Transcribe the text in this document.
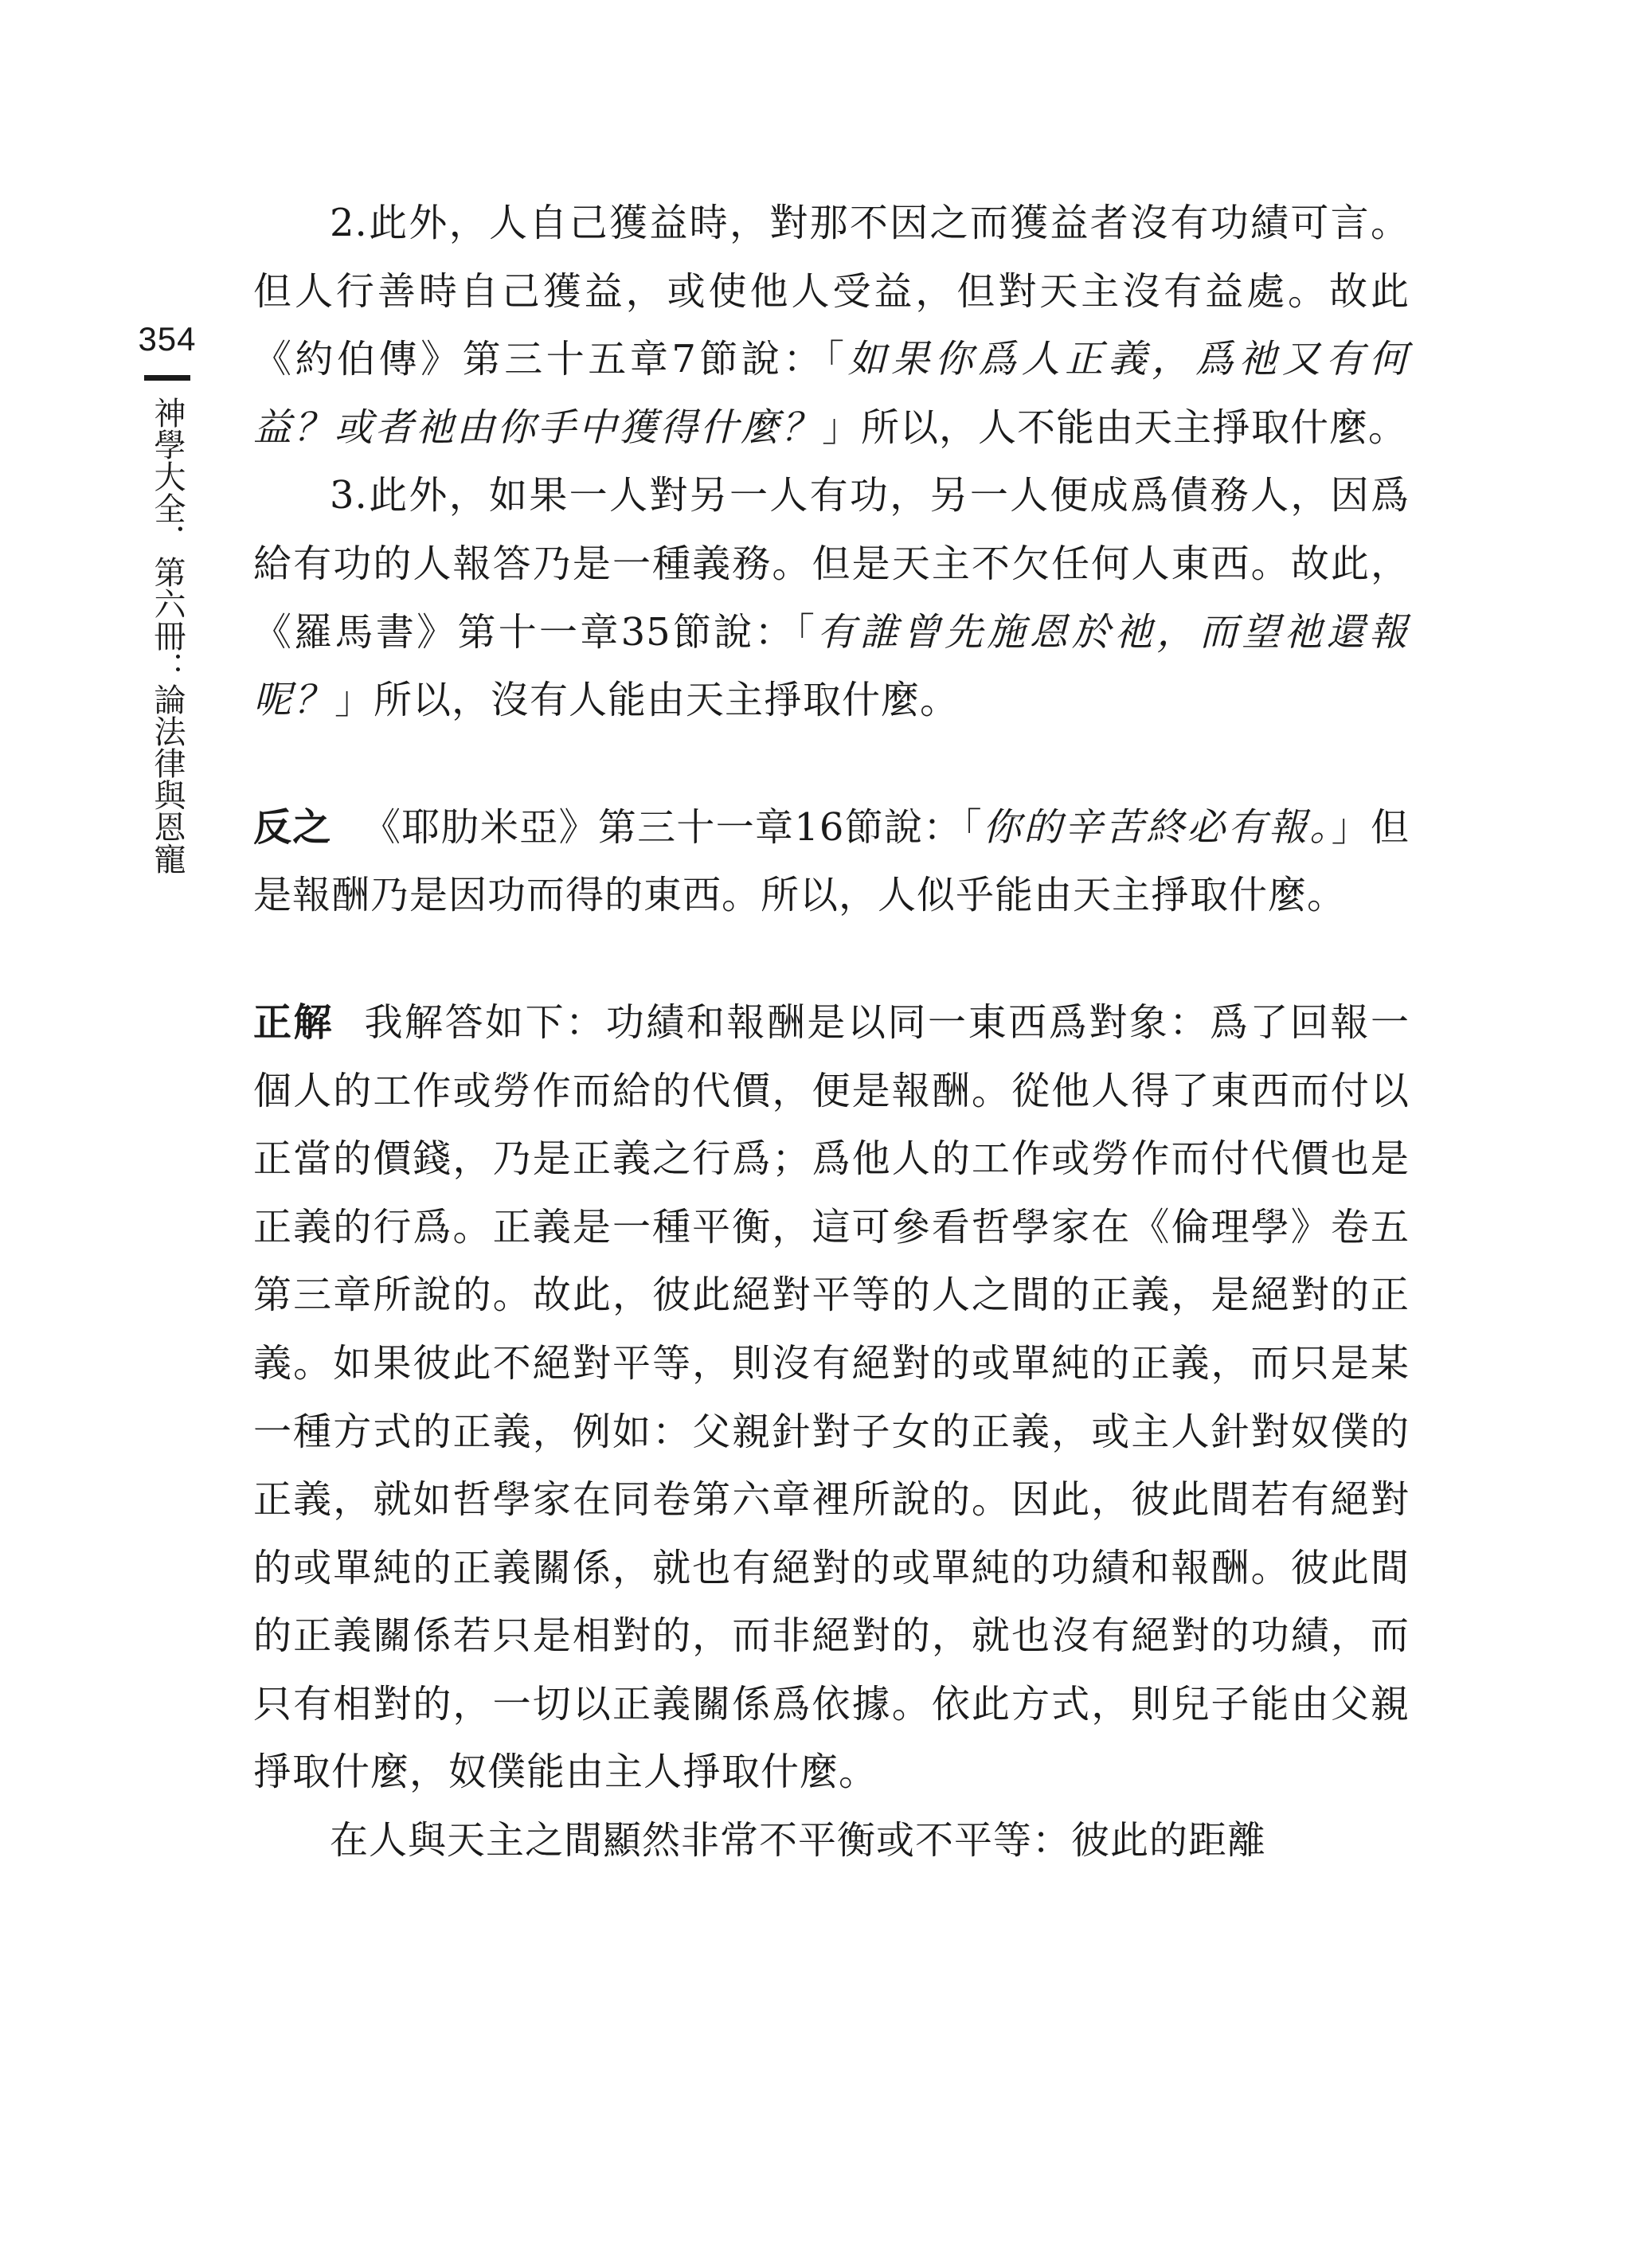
354
神學大全．第六冊：論法律與恩寵

2.此外，人自己獲益時，對那不因之而獲益者沒有功績可言。但人行善時自己獲益，或使他人受益，但對天主沒有益處。故此《約伯傳》第三十五章7節說：「如果你爲人正義，爲祂又有何益？或者祂由你手中獲得什麼？」所以，人不能由天主掙取什麼。

3.此外，如果一人對另一人有功，另一人便成爲債務人，因爲給有功的人報答乃是一種義務。但是天主不欠任何人東西。故此，《羅馬書》第十一章35節說：「有誰曾先施恩於祂，而望祂還報呢？」所以，沒有人能由天主掙取什麼。

反之 《耶肋米亞》第三十一章16節說：「你的辛苦終必有報。」但是報酬乃是因功而得的東西。所以，人似乎能由天主掙取什麼。

正解 我解答如下：功績和報酬是以同一東西爲對象：爲了回報一個人的工作或勞作而給的代價，便是報酬。從他人得了東西而付以正當的價錢，乃是正義之行爲；爲他人的工作或勞作而付代價也是正義的行爲。正義是一種平衡，這可參看哲學家在《倫理學》卷五第三章所說的。故此，彼此絕對平等的人之間的正義，是絕對的正義。如果彼此不絕對平等，則沒有絕對的或單純的正義，而只是某一種方式的正義，例如：父親針對子女的正義，或主人針對奴僕的正義，就如哲學家在同卷第六章裡所說的。因此，彼此間若有絕對的或單純的正義關係，就也有絕對的或單純的功績和報酬。彼此間的正義關係若只是相對的，而非絕對的，就也沒有絕對的功績，而只有相對的，一切以正義關係爲依據。依此方式，則兒子能由父親掙取什麼，奴僕能由主人掙取什麼。

在人與天主之間顯然非常不平衡或不平等：彼此的距離
